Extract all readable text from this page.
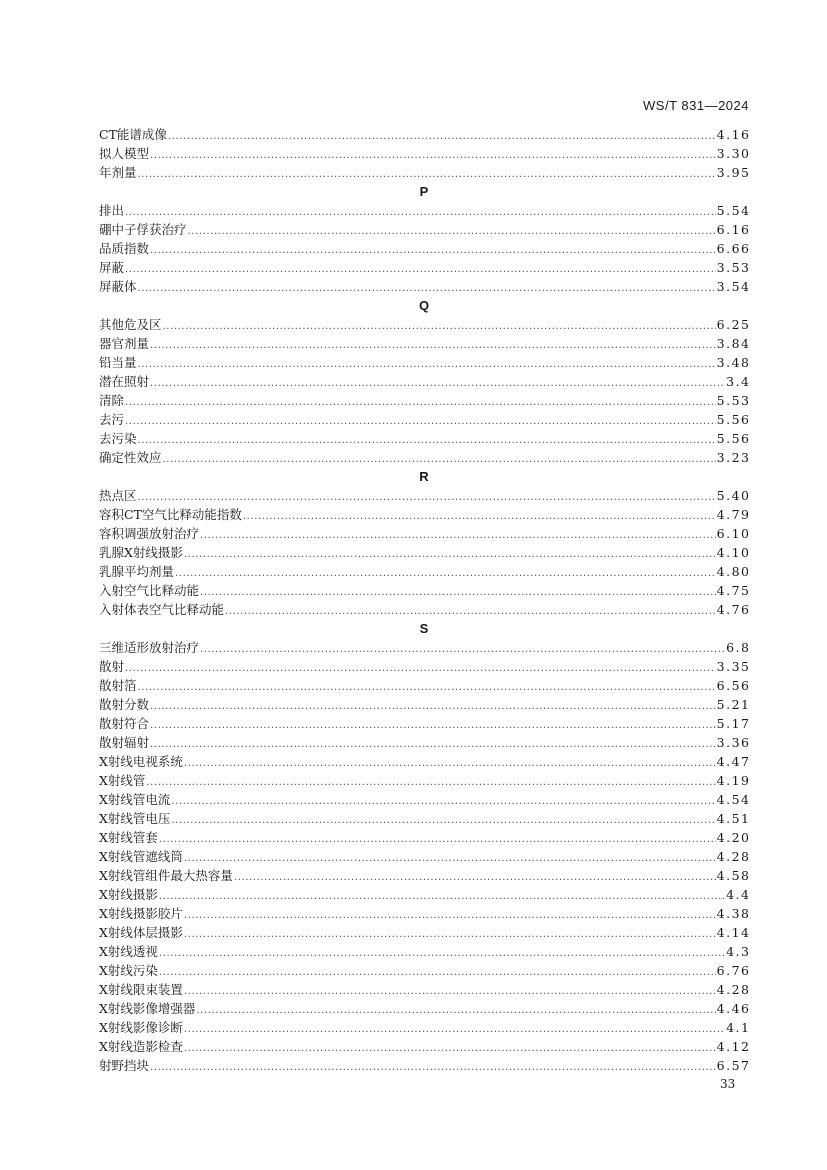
WS/T 831—2024
CT能谱成像 .....	4.16
拟人模型 .....	3.30
年剂量 .....	3.95
P
排出 .....	5.54
硼中子俘获治疗 .....	6.16
品质指数 .....	6.66
屏蔽 .....	3.53
屏蔽体 .....	3.54
Q
其他危及区 .....	6.25
器官剂量 .....	3.84
铅当量 .....	3.48
潜在照射 .....	3.4
清除 .....	5.53
去污 .....	5.56
去污染 .....	5.56
确定性效应 .....	3.23
R
热点区 .....	5.40
容积CT空气比释动能指数 .....	4.79
容积调强放射治疗 .....	6.10
乳腺X射线摄影 .....	4.10
乳腺平均剂量 .....	4.80
入射空气比释动能 .....	4.75
入射体表空气比释动能 .....	4.76
S
三维适形放射治疗 .....	6.8
散射 .....	3.35
散射箔 .....	6.56
散射分数 .....	5.21
散射符合 .....	5.17
散射辐射 .....	3.36
X射线电视系统 .....	4.47
X射线管 .....	4.19
X射线管电流 .....	4.54
X射线管电压 .....	4.51
X射线管套 .....	4.20
X射线管遮线筒 .....	4.28
X射线管组件最大热容量 .....	4.58
X射线摄影 .....	4.4
X射线摄影胶片 .....	4.38
X射线体层摄影 .....	4.14
X射线透视 .....	4.3
X射线污染 .....	6.76
X射线限束装置 .....	4.28
X射线影像增强器 .....	4.46
X射线影像诊断 .....	4.1
X射线造影检查 .....	4.12
射野挡块 .....	6.57
33
